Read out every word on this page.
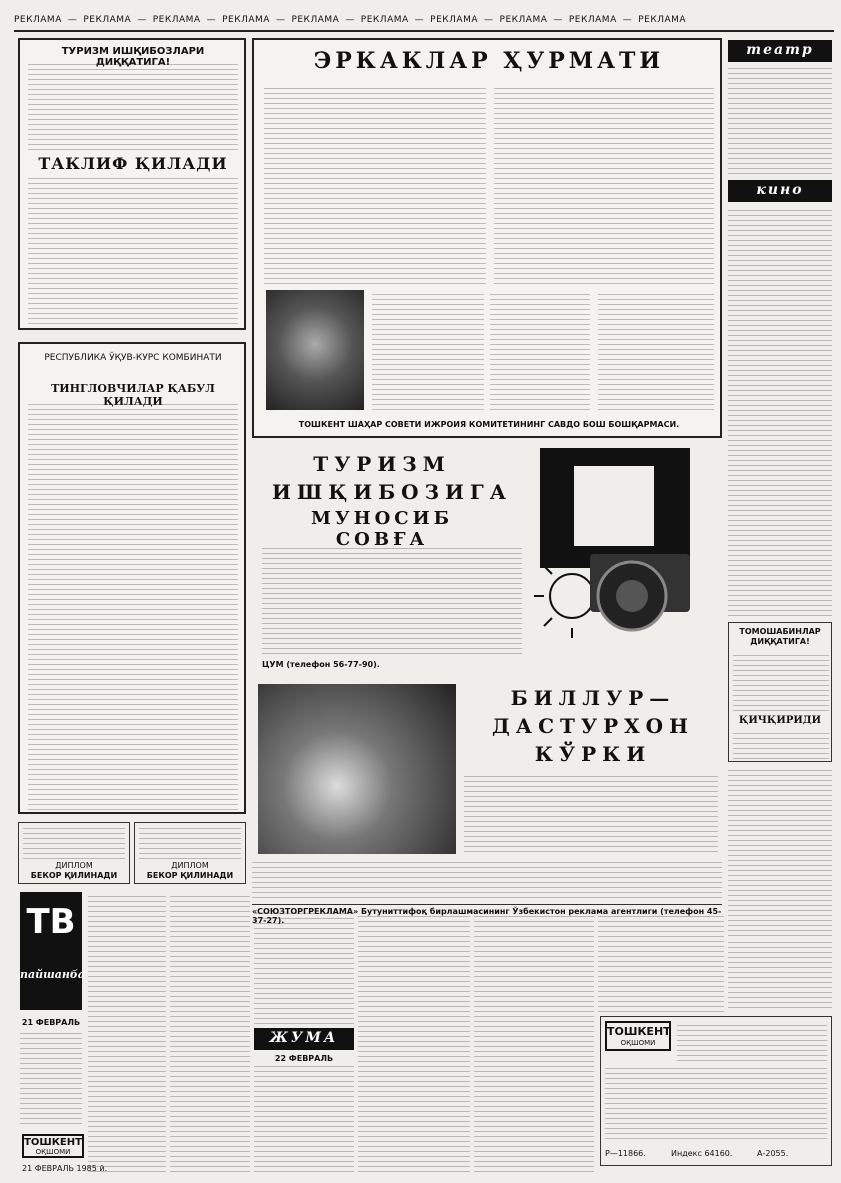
РЕКЛАМА — РЕКЛАМА — РЕКЛАМА — РЕКЛАМА — РЕКЛАМА — РЕКЛАМА — РЕКЛАМА — РЕКЛАМА — РЕКЛАМА — РЕКЛАМА
ТУРИЗМ ИШҚИБОЗЛАРИ ДИҚҚАТИГА!
ТАКЛИФ ҚИЛАДИ
РЕСПУБЛИКА ЎҚУВ-КУРС КОМБИНАТИ
ТИНГЛОВЧИЛАР ҚАБУЛ ҚИЛАДИ
ДИПЛОМ
БЕКОР ҚИЛИНАДИ
ДИПЛОМ
БЕКОР ҚИЛИНАДИ
ТВ
пайшанба
21 ФЕВРАЛЬ
ТОШКЕНТ
ОҚШОМИ
21 ФЕВРАЛЬ 1985 й.
ЭРКАКЛАР ҲУРМАТИ
ТОШКЕНТ ШАҲАР СОВЕТИ ИЖРОИЯ КОМИТЕТИНИНГ САВДО БОШ БОШҚАРМАСИ.
ТУРИЗМ
ИШҚИБОЗИГА
МУНОСИБ СОВҒА
ЦУМ (телефон 56-77-90).
БИЛЛУР—
ДАСТУРХОН
КЎРКИ
«СОЮЗТОРГРЕКЛАМА» Бутуниттифоқ бирлашмасининг Ўзбекистон реклама агентлиги (телефон 45-37-27).
театр
кино
ТОМОШАБИНЛАР ДИҚҚАТИГА!
ҚИЧҚИРИДИ
ЖУМА
22 ФЕВРАЛЬ
ТОШКЕНТ
ОҚШОМИ
Р—11866.	Индекс 64160.	А-2055.
